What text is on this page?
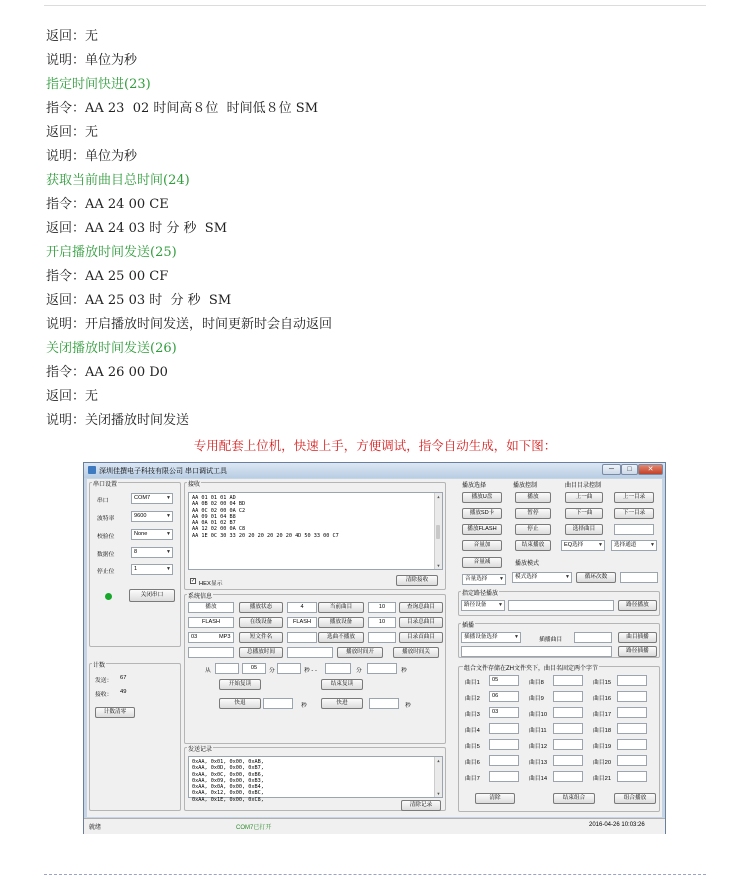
返回：无
说明：单位为秒
指定时间快进(23)
指令：AA 23  02 时间高８位  时间低８位 SM
返回：无
说明：单位为秒
获取当前曲目总时间(24)
指令：AA 24 00 CE
返回：AA 24 03 时 分 秒  SM
开启播放时间发送(25)
指令：AA 25 00 CF
返回：AA 25 03 时  分 秒  SM
说明：开启播放时间发送，时间更新时会自动返回
关闭播放时间发送(26)
指令：AA 26 00 D0
返回：无
说明：关闭播放时间发送
专用配套上位机，快速上手，方便调试，指令自动生成，如下图：
深圳佳撰电子科技有限公司 串口调试工具	─	□	✕
串口设置
串口	COM7	▼
波特率	9600	▼
校验位	None	▼
数据位	8	▼
停止位	1	▼
关闭串口
计数
发送： 67
接收： 49
计数清零
接收
AA 01 01 01 AD
AA 0B 02 00 04 BD
AA 0C 02 00 0A C2
AA 09 01 04 B8
AA 0A 01 02 B7
AA 12 02 00 0A C8
AA 1E 0C 30 33 20 20 20 20 20 20 4D 50 33 00 C7
▲
▼
✓ HEX显示
清除接收
系统信息
播放	播放状态	4	当前曲目	10	查询总曲目
FLASH	在线设备	FLASH	播放设备	10	目录总曲目
03	MP3	短文件名	选曲不播放	目录首曲目
总播放时间	播放时间开	播放时间关
从	05	分	秒 - -	分	秒
开始复读	结束复读
快退	秒	快进	秒
发送记录
0xAA, 0x01, 0x00, 0xAB,
0xAA, 0x0D, 0x00, 0xB7,
0xAA, 0x0C, 0x00, 0xB6,
0xAA, 0x09, 0x00, 0xB3,
0xAA, 0x0A, 0x00, 0xB4,
0xAA, 0x12, 0x00, 0xBC,
0xAA, 0x1E, 0x00, 0xC8,
▲
▼
清除记录
播放选择	播放控制	曲目目录控制
播放U盘	播放	上一曲	上一目录
播放SD卡	暂停	下一曲	下一目录
播放FLASH	停止	选择曲目
音量加	结束播放	EQ选择	▼	选择通道	▼
音量减	播放模式
音量选择 ▼	模式选择	▼	循环次数
指定路径播放
路径设备 ▼	路径播放
插播
插播设备选择	▼	插播曲目	曲目插播
路径插播
组合文件存储在ZH文件夹下，曲目名固定两个字节
清除	结束组合	组合播放
曲目1	05	曲目8	曲目15
曲目2	06	曲目9	曲目16
曲目3	03	曲目10	曲目17
曲目4	曲目11	曲目18
曲目5	曲目12	曲目19
曲目6	曲目13	曲目20
曲目7	曲目14	曲目21
就绪	COM7已打开	2016-04-26 10:03:26
